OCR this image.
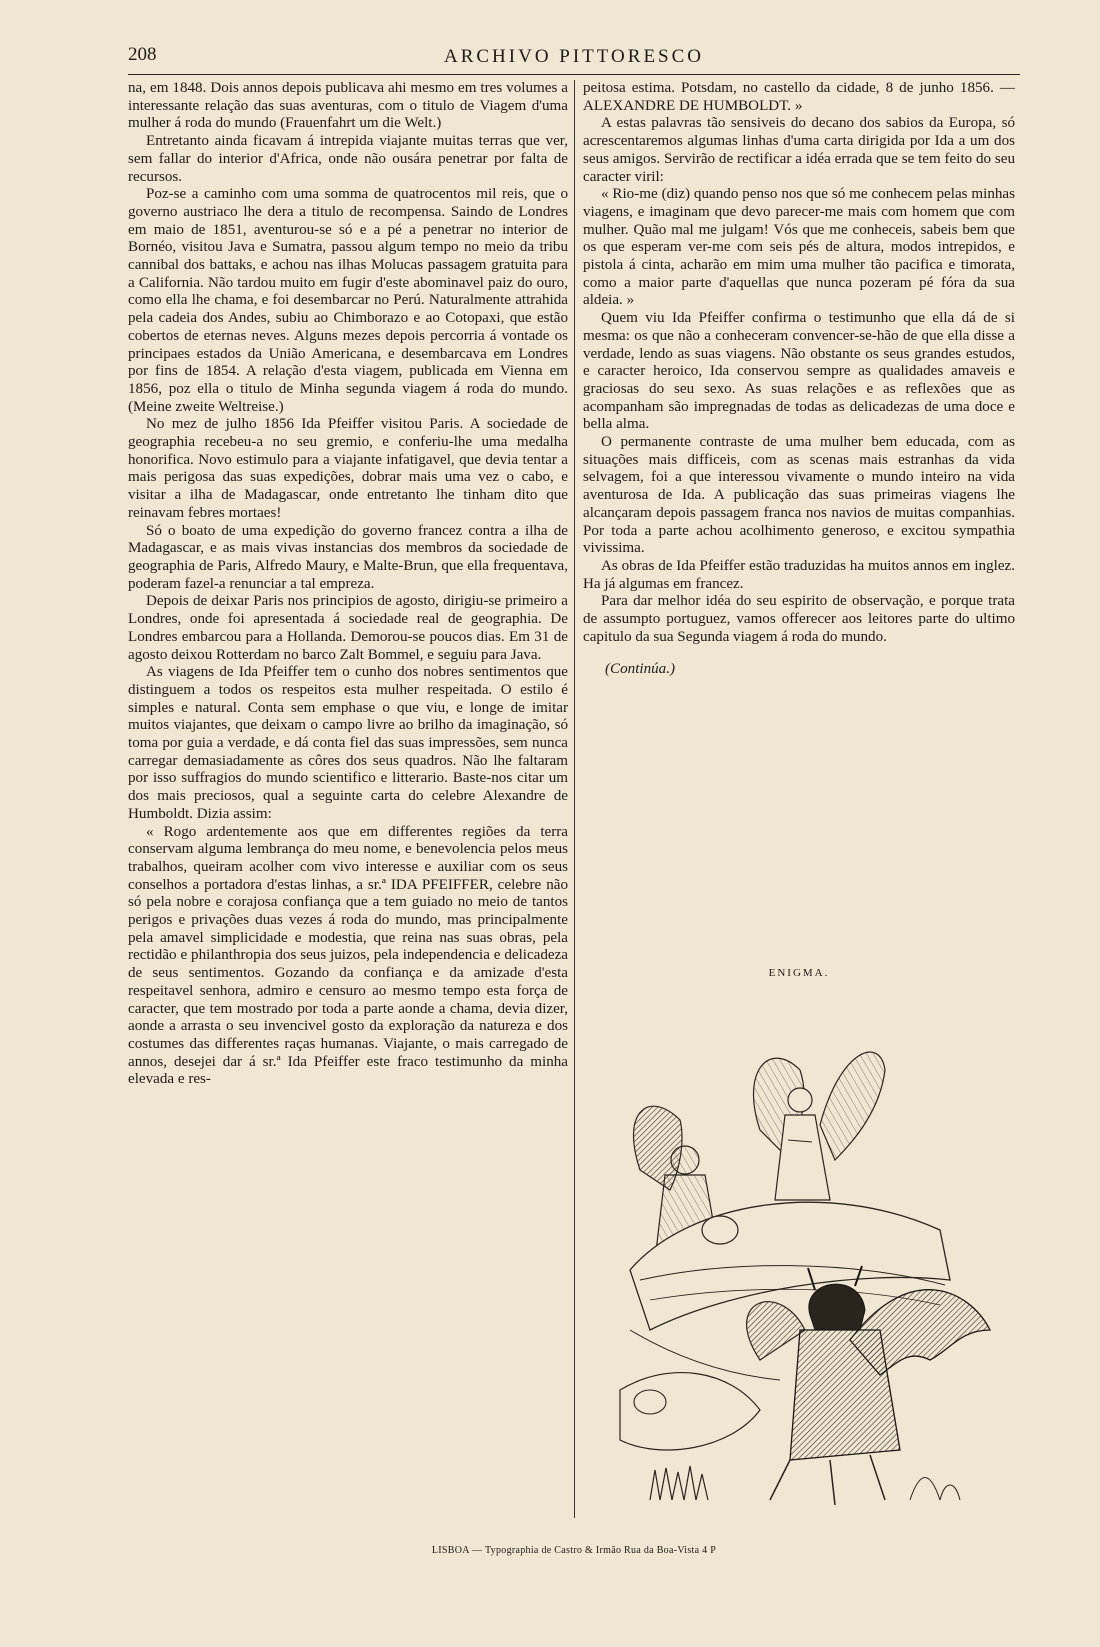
208	ARCHIVO PITTORESCO

na, em 1848. Dois annos depois publicava ahi mesmo em tres volumes a interessante relação das suas aventuras, com o titulo de Viagem d'uma mulher á roda do mundo (Frauenfahrt um die Welt.)

Entretanto ainda ficavam á intrepida viajante muitas terras que ver, sem fallar do interior d'Africa, onde não ousára penetrar por falta de recursos.

Poz-se a caminho com uma somma de quatrocentos mil reis, que o governo austriaco lhe dera a titulo de recompensa. Saindo de Londres em maio de 1851, aventurou-se só e a pé a penetrar no interior de Bornéo, visitou Java e Sumatra, passou algum tempo no meio da tribu cannibal dos battaks, e achou nas ilhas Molucas passagem gratuita para a California. Não tardou muito em fugir d'este abominavel paiz do ouro, como ella lhe chama, e foi desembarcar no Perú. Naturalmente attrahida pela cadeia dos Andes, subiu ao Chimborazo e ao Cotopaxi, que estão cobertos de eternas neves. Alguns mezes depois percorria á vontade os principaes estados da União Americana, e desembarcava em Londres por fins de 1854. A relação d'esta viagem, publicada em Vienna em 1856, poz ella o titulo de Minha segunda viagem á roda do mundo. (Meine zweite Weltreise.)

No mez de julho 1856 Ida Pfeiffer visitou Paris. A sociedade de geographia recebeu-a no seu gremio, e conferiu-lhe uma medalha honorifica. Novo estimulo para a viajante infatigavel, que devia tentar a mais perigosa das suas expedições, dobrar mais uma vez o cabo, e visitar a ilha de Madagascar, onde entretanto lhe tinham dito que reinavam febres mortaes!

Só o boato de uma expedição do governo francez contra a ilha de Madagascar, e as mais vivas instancias dos membros da sociedade de geographia de Paris, Alfredo Maury, e Malte-Brun, que ella frequentava, poderam fazel-a renunciar a tal empreza.

Depois de deixar Paris nos principios de agosto, dirigiu-se primeiro a Londres, onde foi apresentada á sociedade real de geographia. De Londres embarcou para a Hollanda. Demorou-se poucos dias. Em 31 de agosto deixou Rotterdam no barco Zalt Bommel, e seguiu para Java.

As viagens de Ida Pfeiffer tem o cunho dos nobres sentimentos que distinguem a todos os respeitos esta mulher respeitada. O estilo é simples e natural. Conta sem emphase o que viu, e longe de imitar muitos viajantes, que deixam o campo livre ao brilho da imaginação, só toma por guia a verdade, e dá conta fiel das suas impressões, sem nunca carregar demasiadamente as côres dos seus quadros. Não lhe faltaram por isso suffragios do mundo scientifico e litterario. Baste-nos citar um dos mais preciosos, qual a seguinte carta do celebre Alexandre de Humboldt. Dizia assim:

« Rogo ardentemente aos que em differentes regiões da terra conservam alguma lembrança do meu nome, e benevolencia pelos meus trabalhos, queiram acolher com vivo interesse e auxiliar com os seus conselhos a portadora d'estas linhas, a sr.ª IDA PFEIFFER, celebre não só pela nobre e corajosa confiança que a tem guiado no meio de tantos perigos e privações duas vezes á roda do mundo, mas principalmente pela amavel simplicidade e modestia, que reina nas suas obras, pela rectidão e philanthropia dos seus juizos, pela independencia e delicadeza de seus sentimentos. Gozando da confiança e da amizade d'esta respeitavel senhora, admiro e censuro ao mesmo tempo esta força de caracter, que tem mostrado por toda a parte aonde a chama, devia dizer, aonde a arrasta o seu invencivel gosto da exploração da natureza e dos costumes das differentes raças humanas. Viajante, o mais carregado de annos, desejei dar á sr.ª Ida Pfeiffer este fraco testimunho da minha elevada e res-

peitosa estima. Potsdam, no castello da cidade, 8 de junho 1856. — ALEXANDRE DE HUMBOLDT. »

A estas palavras tão sensiveis do decano dos sabios da Europa, só acrescentaremos algumas linhas d'uma carta dirigida por Ida a um dos seus amigos. Servirão de rectificar a idéa errada que se tem feito do seu caracter viril:

« Rio-me (diz) quando penso nos que só me conhecem pelas minhas viagens, e imaginam que devo parecer-me mais com homem que com mulher. Quão mal me julgam! Vós que me conheceis, sabeis bem que os que esperam ver-me com seis pés de altura, modos intrepidos, e pistola á cinta, acharão em mim uma mulher tão pacifica e timorata, como a maior parte d'aquellas que nunca pozeram pé fóra da sua aldeia. »

Quem viu Ida Pfeiffer confirma o testimunho que ella dá de si mesma: os que não a conheceram convencer-se-hão de que ella disse a verdade, lendo as suas viagens. Não obstante os seus grandes estudos, e caracter heroico, Ida conservou sempre as qualidades amaveis e graciosas do seu sexo. As suas relações e as reflexões que as acompanham são impregnadas de todas as delicadezas de uma doce e bella alma.

O permanente contraste de uma mulher bem educada, com as situações mais difficeis, com as scenas mais estranhas da vida selvagem, foi a que interessou vivamente o mundo inteiro na vida aventurosa de Ida. A publicação das suas primeiras viagens lhe alcançaram depois passagem franca nos navios de muitas companhias. Por toda a parte achou acolhimento generoso, e excitou sympathia vivissima.

As obras de Ida Pfeiffer estão traduzidas ha muitos annos em inglez. Ha já algumas em francez.

Para dar melhor idéa do seu espirito de observação, e porque trata de assumpto portuguez, vamos offerecer aos leitores parte do ultimo capitulo da sua Segunda viagem á roda do mundo.

(Continúa.)

ENIGMA.
LISBOA — Typographia de Castro & Irmão Rua da Boa-Vista 4 P
